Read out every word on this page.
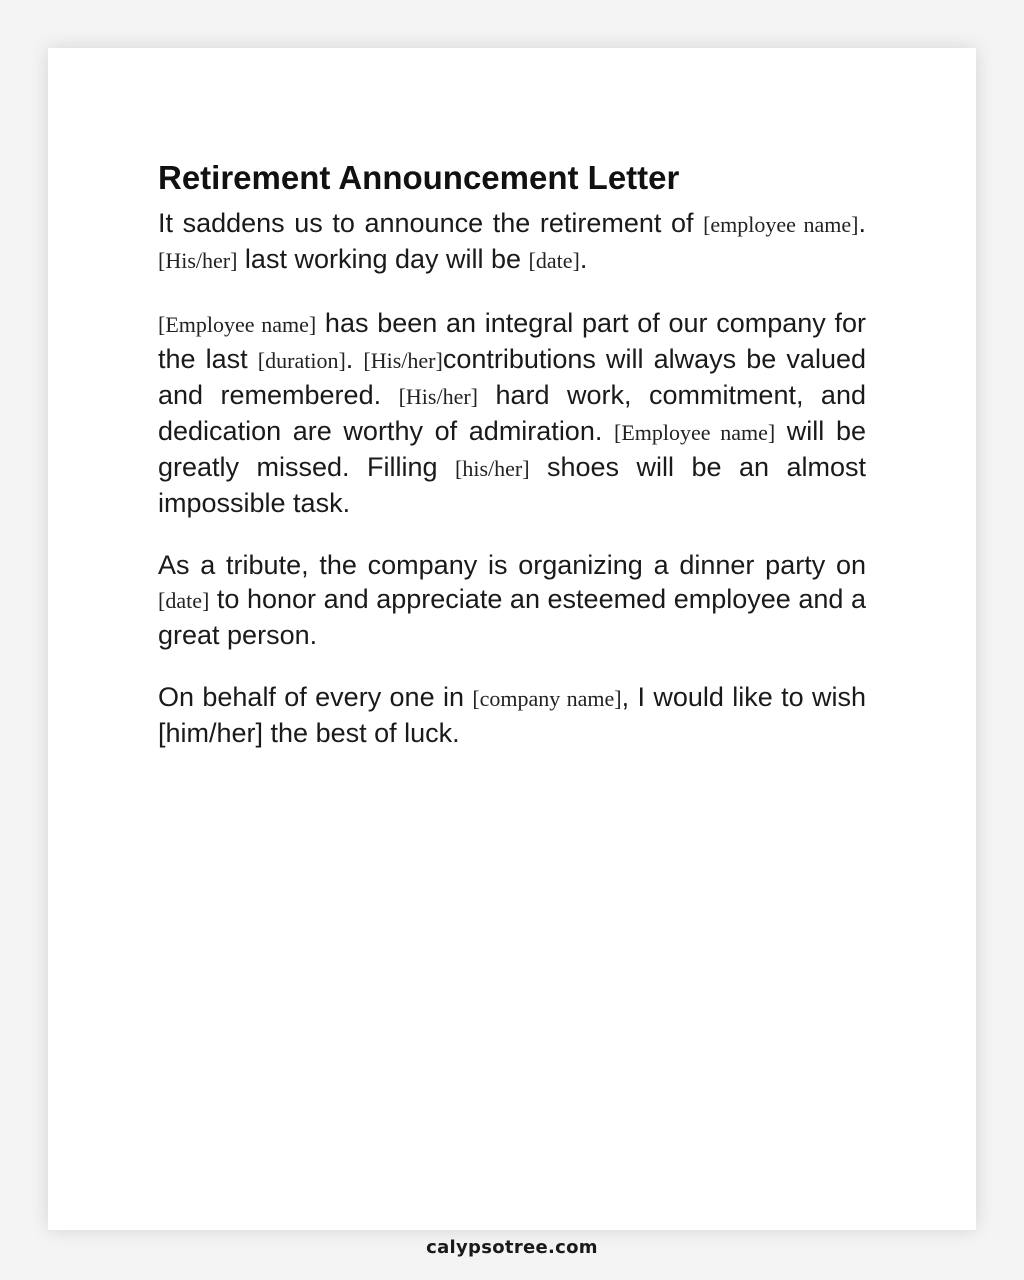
Retirement Announcement Letter

It saddens us to announce the retirement of [employee name]. [His/her] last working day will be [date].

[Employee name] has been an integral part of our company for the last [duration]. [His/her]contributions will always be valued and remembered. [His/her] hard work, commitment, and dedication are worthy of admiration. [Employee name] will be greatly missed. Filling [his/her] shoes will be an almost impossible task.

As a tribute, the company is organizing a dinner party on [date] to honor and appreciate an esteemed employee and a great person.

On behalf of every one in [company name], I would like to wish [him/her] the best of luck.

calypsotree.com
